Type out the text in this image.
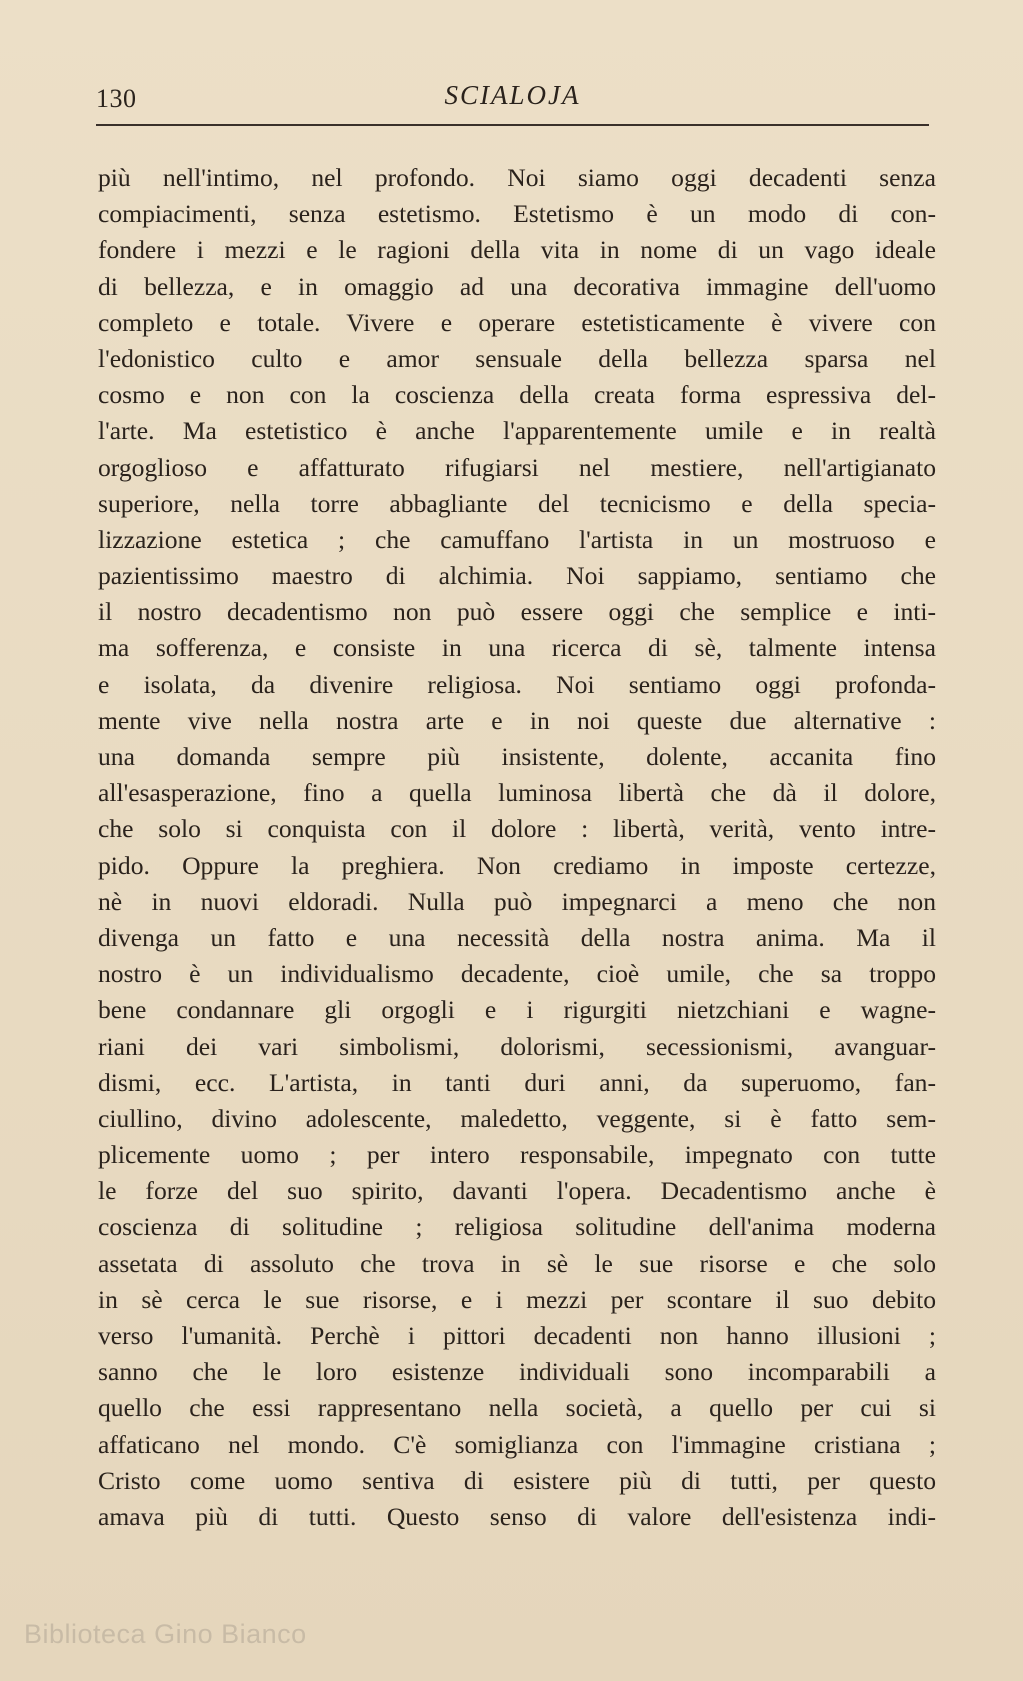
130	SCIALOJA
più nell'intimo, nel profondo. Noi siamo oggi decadenti senza
compiacimenti, senza estetismo. Estetismo è un modo di con-
fondere i mezzi e le ragioni della vita in nome di un vago ideale
di bellezza, e in omaggio ad una decorativa immagine dell'uomo
completo e totale. Vivere e operare estetisticamente è vivere con
l'edonistico culto e amor sensuale della bellezza sparsa nel
cosmo e non con la coscienza della creata forma espressiva del-
l'arte. Ma estetistico è anche l'apparentemente umile e in realtà
orgoglioso e affatturato rifugiarsi nel mestiere, nell'artigianato
superiore, nella torre abbagliante del tecnicismo e della specia-
lizzazione estetica ; che camuffano l'artista in un mostruoso e
pazientissimo maestro di alchimia. Noi sappiamo, sentiamo che
il nostro decadentismo non può essere oggi che semplice e inti-
ma sofferenza, e consiste in una ricerca di sè, talmente intensa
e isolata, da divenire religiosa. Noi sentiamo oggi profonda-
mente vive nella nostra arte e in noi queste due alternative :
una domanda sempre più insistente, dolente, accanita fino
all'esasperazione, fino a quella luminosa libertà che dà il dolore,
che solo si conquista con il dolore : libertà, verità, vento intre-
pido. Oppure la preghiera. Non crediamo in imposte certezze,
nè in nuovi eldoradi. Nulla può impegnarci a meno che non
divenga un fatto e una necessità della nostra anima. Ma il
nostro è un individualismo decadente, cioè umile, che sa troppo
bene condannare gli orgogli e i rigurgiti nietzchiani e wagne-
riani dei vari simbolismi, dolorismi, secessionismi, avanguar-
dismi, ecc. L'artista, in tanti duri anni, da superuomo, fan-
ciullino, divino adolescente, maledetto, veggente, si è fatto sem-
plicemente uomo ; per intero responsabile, impegnato con tutte
le forze del suo spirito, davanti l'opera. Decadentismo anche è
coscienza di solitudine ; religiosa solitudine dell'anima moderna
assetata di assoluto che trova in sè le sue risorse e che solo
in sè cerca le sue risorse, e i mezzi per scontare il suo debito
verso l'umanità. Perchè i pittori decadenti non hanno illusioni ;
sanno che le loro esistenze individuali sono incomparabili a
quello che essi rappresentano nella società, a quello per cui si
affaticano nel mondo. C'è somiglianza con l'immagine cristiana ;
Cristo come uomo sentiva di esistere più di tutti, per questo
amava più di tutti. Questo senso di valore dell'esistenza indi-
Biblioteca Gino Bianco
